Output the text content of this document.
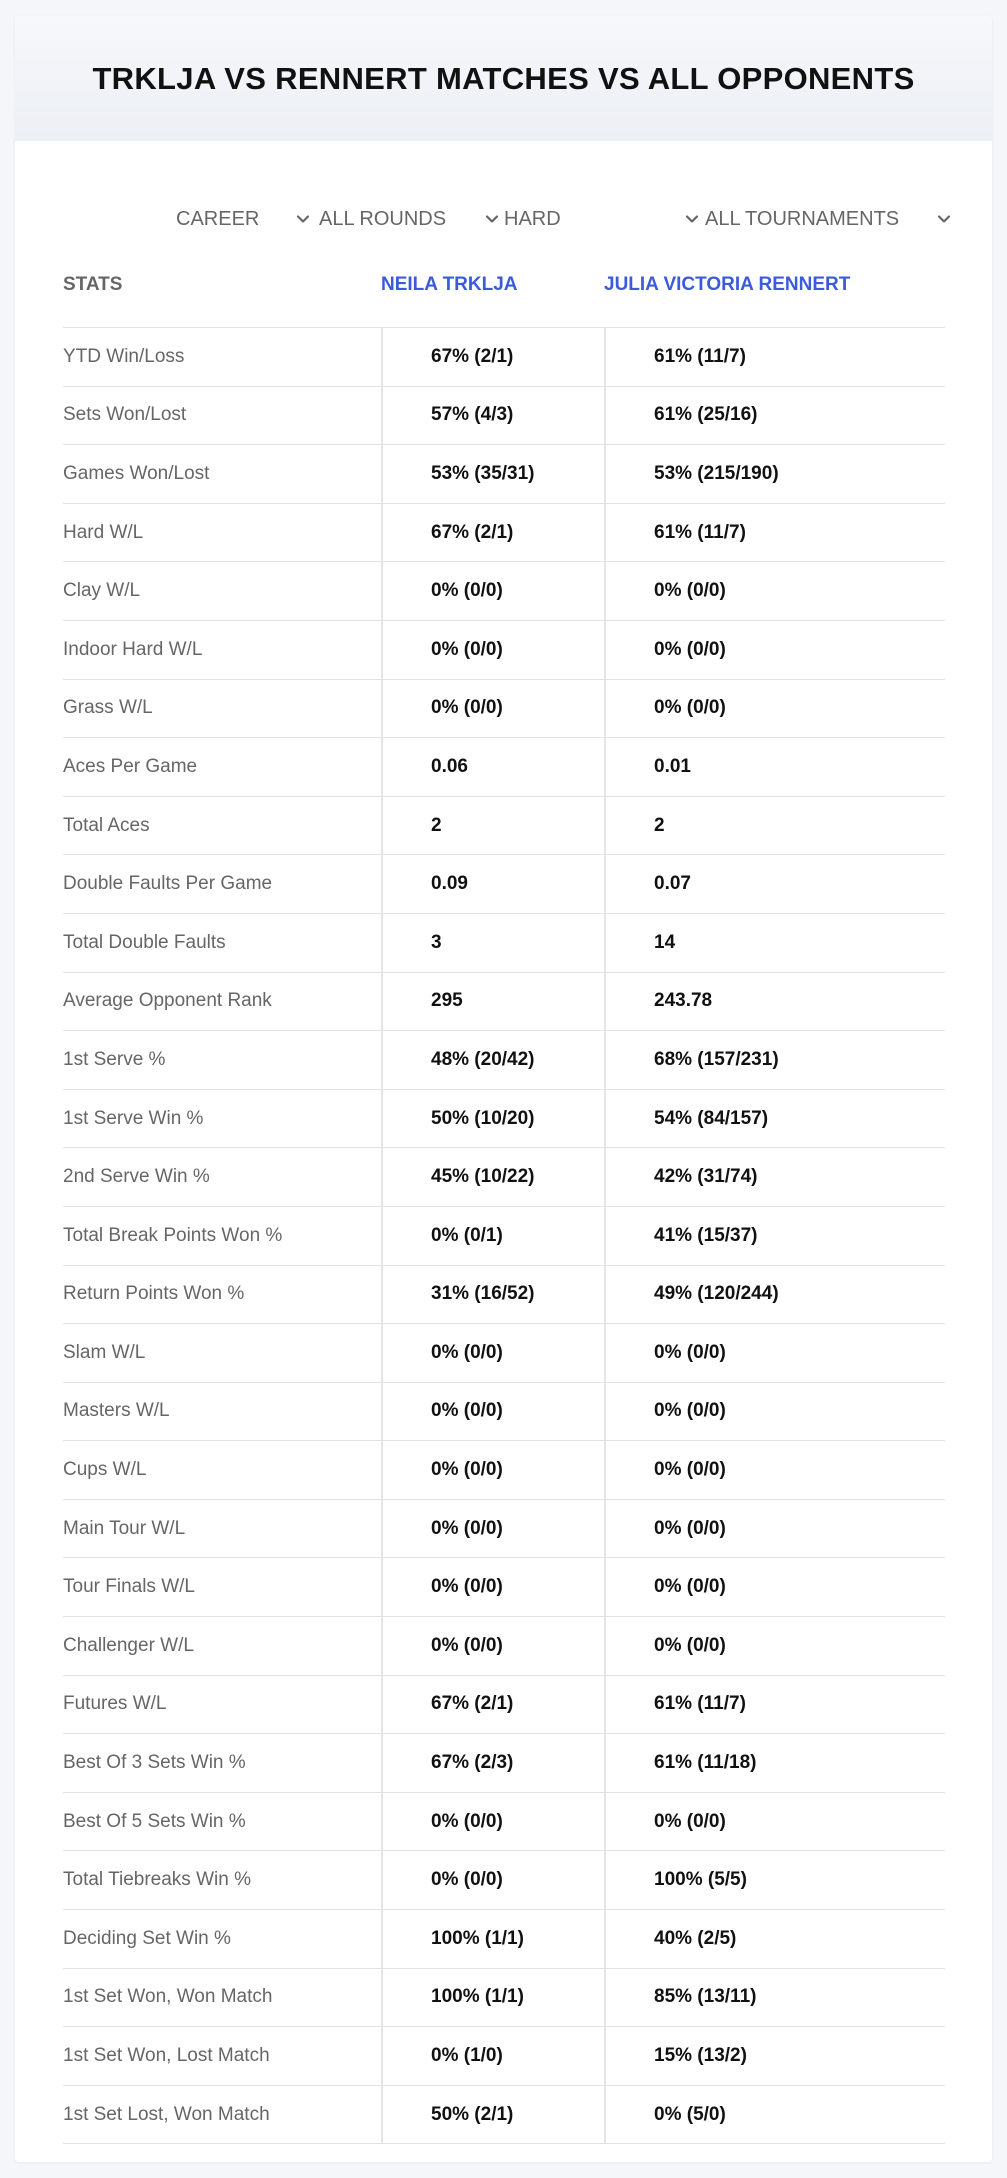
TRKLJA VS RENNERT MATCHES VS ALL OPPONENTS
CAREER	ALL ROUNDS	HARD	ALL TOURNAMENTS
STATS	NEILA TRKLJA	JULIA VICTORIA RENNERT
YTD Win/Loss	67% (2/1)	61% (11/7)
Sets Won/Lost	57% (4/3)	61% (25/16)
Games Won/Lost	53% (35/31)	53% (215/190)
Hard W/L	67% (2/1)	61% (11/7)
Clay W/L	0% (0/0)	0% (0/0)
Indoor Hard W/L	0% (0/0)	0% (0/0)
Grass W/L	0% (0/0)	0% (0/0)
Aces Per Game	0.06	0.01
Total Aces	2	2
Double Faults Per Game	0.09	0.07
Total Double Faults	3	14
Average Opponent Rank	295	243.78
1st Serve %	48% (20/42)	68% (157/231)
1st Serve Win %	50% (10/20)	54% (84/157)
2nd Serve Win %	45% (10/22)	42% (31/74)
Total Break Points Won %	0% (0/1)	41% (15/37)
Return Points Won %	31% (16/52)	49% (120/244)
Slam W/L	0% (0/0)	0% (0/0)
Masters W/L	0% (0/0)	0% (0/0)
Cups W/L	0% (0/0)	0% (0/0)
Main Tour W/L	0% (0/0)	0% (0/0)
Tour Finals W/L	0% (0/0)	0% (0/0)
Challenger W/L	0% (0/0)	0% (0/0)
Futures W/L	67% (2/1)	61% (11/7)
Best Of 3 Sets Win %	67% (2/3)	61% (11/18)
Best Of 5 Sets Win %	0% (0/0)	0% (0/0)
Total Tiebreaks Win %	0% (0/0)	100% (5/5)
Deciding Set Win %	100% (1/1)	40% (2/5)
1st Set Won, Won Match	100% (1/1)	85% (13/11)
1st Set Won, Lost Match	0% (1/0)	15% (13/2)
1st Set Lost, Won Match	50% (2/1)	0% (5/0)
